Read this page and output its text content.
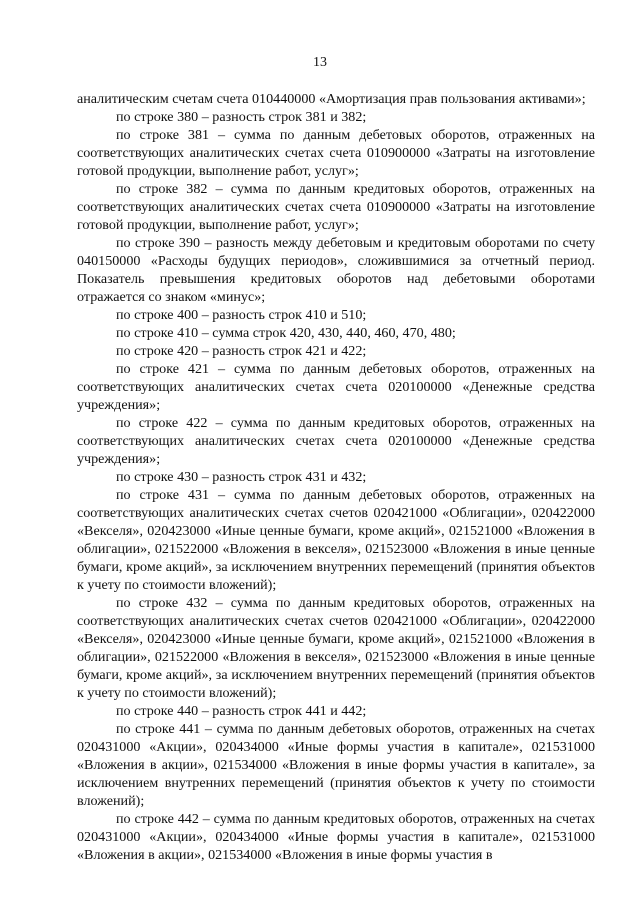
13

аналитическим счетам счета 010440000 «Амортизация прав пользования активами»;

по строке 380 – разность строк 381 и 382;

по строке 381 – сумма по данным дебетовых оборотов, отраженных на соответствующих аналитических счетах счета 010900000 «Затраты на изготовление готовой продукции, выполнение работ, услуг»;

по строке 382 – сумма по данным кредитовых оборотов, отраженных на соответствующих аналитических счетах счета 010900000 «Затраты на изготовление готовой продукции, выполнение работ, услуг»;

по строке 390 – разность между дебетовым и кредитовым оборотами по счету 040150000 «Расходы будущих периодов», сложившимися за отчетный период. Показатель превышения кредитовых оборотов над дебетовыми оборотами отражается со знаком «минус»;

по строке 400 – разность строк 410 и 510;

по строке 410 – сумма строк 420, 430, 440, 460, 470, 480;

по строке 420 – разность строк 421 и 422;

по строке 421 – сумма по данным дебетовых оборотов, отраженных на соответствующих аналитических счетах счета 020100000 «Денежные средства учреждения»;

по строке 422 – сумма по данным кредитовых оборотов, отраженных на соответствующих аналитических счетах счета 020100000 «Денежные средства учреждения»;

по строке 430 – разность строк 431 и 432;

по строке 431 – сумма по данным дебетовых оборотов, отраженных на соответствующих аналитических счетах счетов 020421000 «Облигации», 020422000 «Векселя», 020423000 «Иные ценные бумаги, кроме акций», 021521000 «Вложения в облигации», 021522000 «Вложения в векселя», 021523000 «Вложения в иные ценные бумаги, кроме акций», за исключением внутренних перемещений (принятия объектов к учету по стоимости вложений);

по строке 432 – сумма по данным кредитовых оборотов, отраженных на соответствующих аналитических счетах счетов 020421000 «Облигации», 020422000 «Векселя», 020423000 «Иные ценные бумаги, кроме акций», 021521000 «Вложения в облигации», 021522000 «Вложения в векселя», 021523000 «Вложения в иные ценные бумаги, кроме акций», за исключением внутренних перемещений (принятия объектов к учету по стоимости вложений);

по строке 440 – разность строк 441 и 442;

по строке 441 – сумма по данным дебетовых оборотов, отраженных на счетах 020431000 «Акции», 020434000 «Иные формы участия в капитале», 021531000 «Вложения в акции», 021534000 «Вложения в иные формы участия в капитале», за исключением внутренних перемещений (принятия объектов к учету по стоимости вложений);

по строке 442 – сумма по данным кредитовых оборотов, отраженных на счетах 020431000 «Акции», 020434000 «Иные формы участия в капитале», 021531000 «Вложения в акции», 021534000 «Вложения в иные формы участия в
